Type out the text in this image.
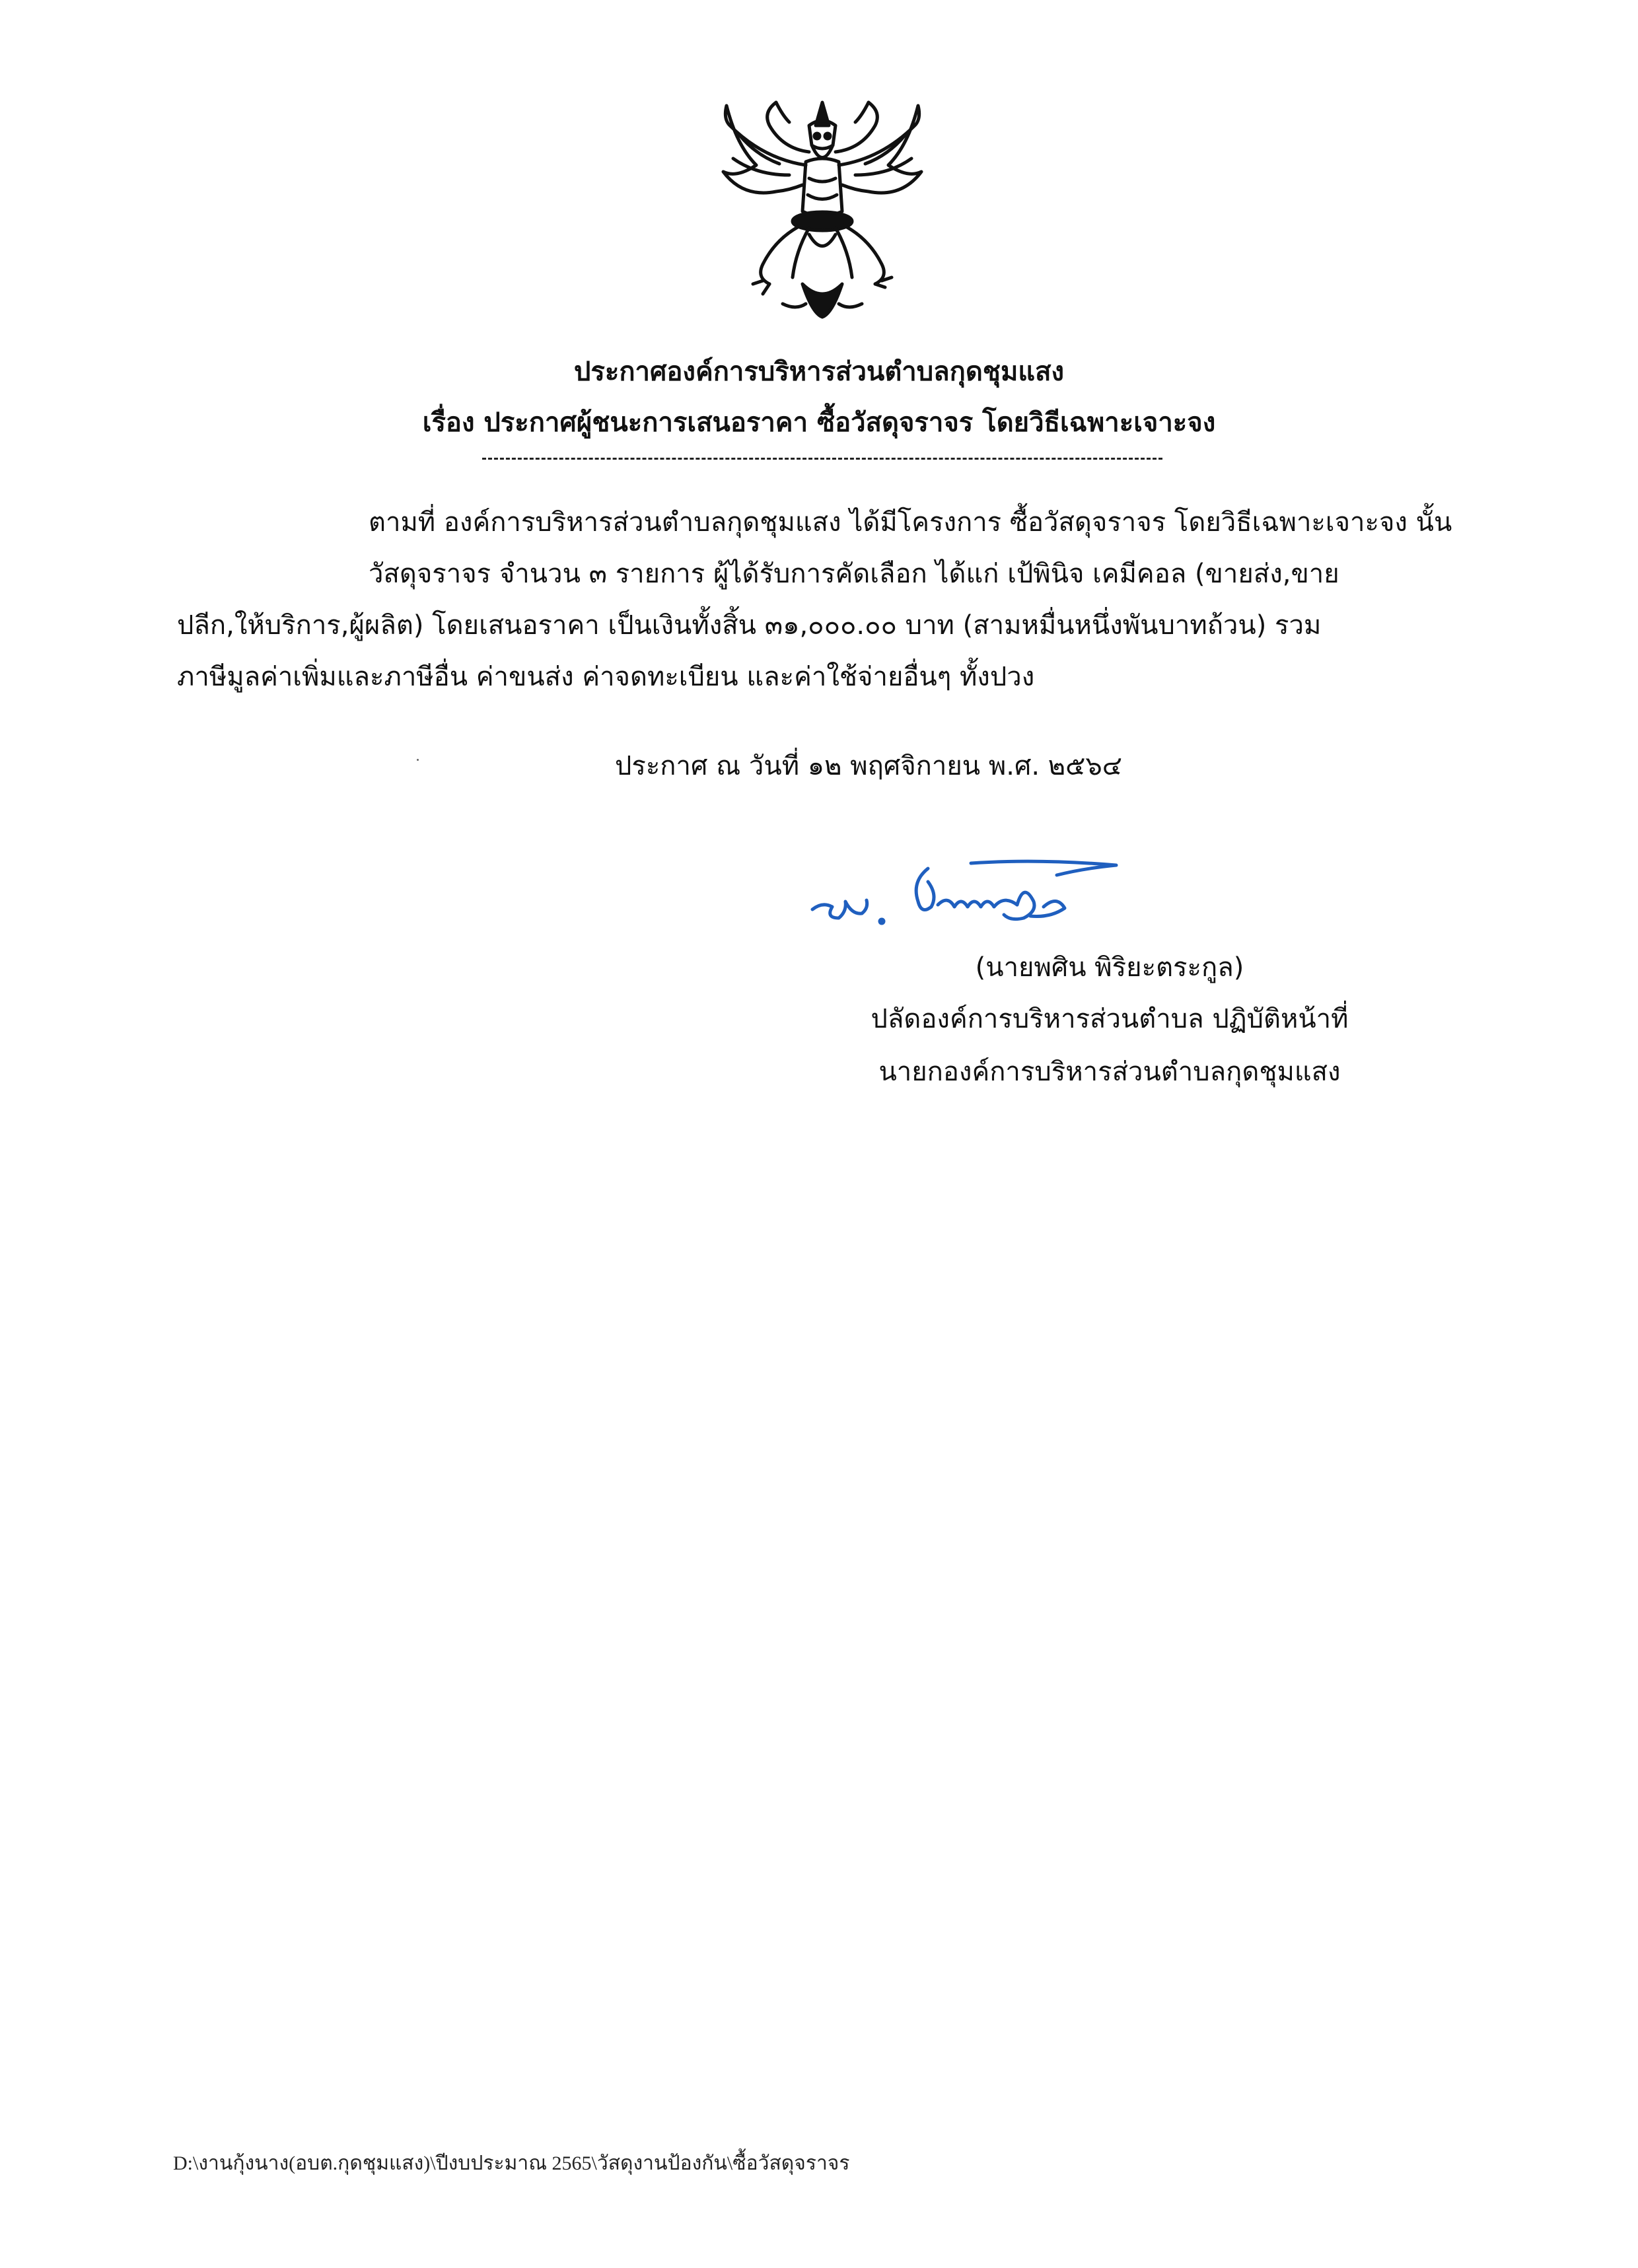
ประกาศองค์การบริหารส่วนตำบลกุดชุมแสง
เรื่อง ประกาศผู้ชนะการเสนอราคา ซื้อวัสดุจราจร โดยวิธีเฉพาะเจาะจง

ตามที่ องค์การบริหารส่วนตำบลกุดชุมแสง ได้มีโครงการ ซื้อวัสดุจราจร โดยวิธีเฉพาะเจาะจง นั้น

วัสดุจราจร จำนวน ๓ รายการ ผู้ได้รับการคัดเลือก ได้แก่ เป้พินิจ เคมีคอล (ขายส่ง,ขาย

ปลีก,ให้บริการ,ผู้ผลิต) โดยเสนอราคา เป็นเงินทั้งสิ้น ๓๑,๐๐๐.๐๐ บาท (สามหมื่นหนึ่งพันบาทถ้วน) รวม

ภาษีมูลค่าเพิ่มและภาษีอื่น ค่าขนส่ง ค่าจดทะเบียน และค่าใช้จ่ายอื่นๆ ทั้งปวง

ประกาศ ณ วันที่ ๑๒ พฤศจิกายน พ.ศ. ๒๕๖๔
(นายพศิน พิริยะตระกูล)
ปลัดองค์การบริหารส่วนตำบล ปฏิบัติหน้าที่
นายกองค์การบริหารส่วนตำบลกุดชุมแสง
D:\งานกุ้งนาง(อบต.กุดชุมแสง)\ปีงบประมาณ 2565\วัสดุงานป้องกัน\ซื้อวัสดุจราจร
